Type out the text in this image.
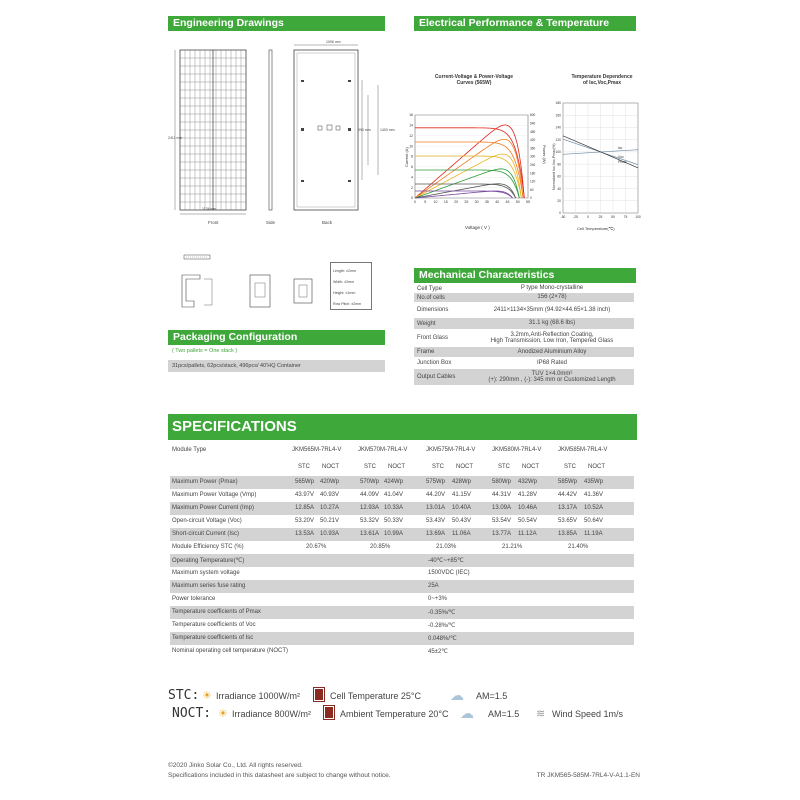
Engineering Drawings	Electrical Performance & Temperature Dependence
1134 mm
2411 mm
1096 mm
1400 mm
990 mm
Front	Side	Back
Length: ±2mm
Width: ±2mm
Height: ±1mm
Row Pitch: ±2mm
Packaging Configuration
( Two pallets = One stack )
31pcs/pallets, 62pcs/stack, 496pcs/ 40'HQ Container
Current-Voltage & Power-Voltage
Curves (565W)
0
2
4
6
8
10
12
14
16
0
60
120
180
240
300
360
420
480
540
600
0 5 10 15 20 25 30 35 40 45 50 55
Current (A)	Power (W)
Voltage ( V )
Temperature Dependence
of Isc,Voc,Pmax
Isc
Voc
Pmax
0
20
40
60
80
100
120
140
160
180
-50 -25	0	25	50	75 100
Normalized Isc,Voc,Pmax(%)
Cell Temperature(℃)
Mechanical Characteristics
Cell Type	P type Mono-crystalline
No.of cells	156 (2×78)
Dimensions	2411×1134×35mm (94.92×44.65×1.38 inch)
Weight	31.1 kg (68.6 lbs)
Front Glass
3.2mm,Anti-Reflection Coating,
High Transmission, Low Iron, Tempered Glass
Frame	Anodized Aluminium Alloy
Junction Box	IP68 Rated
Output Cables
TUV 1×4.0mm²
(+): 290mm , (-): 345 mm or Customized Length
SPECIFICATIONS
Module Type	JKM565M-7RL4-V	JKM570M-7RL4-V	JKM575M-7RL4-V	JKM580M-7RL4-V	JKM585M-7RL4-V
STC NOCT	STC NOCT	STC NOCT	STC NOCT	STC NOCT
Maximum Power (Pmax)	565Wp 420Wp	570Wp 424Wp	575Wp 428Wp	580Wp 432Wp	585Wp 435Wp
Maximum Power Voltage (Vmp)	43.97V 40.93V	44.09V 41.04V	44.20V 41.15V	44.31V 41.28V	44.42V 41.36V
Maximum Power Current (Imp)	12.85A 10.27A	12.93A 10.33A	13.01A 10.40A	13.09A 10.46A	13.17A 10.52A
Open-circuit Voltage (Voc)	53.20V 50.21V	53.32V 50.33V	53.43V 50.43V	53.54V 50.54V	53.65V 50.64V
Short-circuit Current (Isc)	13.53A 10.93A	13.61A 10.99A	13.69A 11.06A	13.77A 11.12A	13.85A 11.19A
Module Efficiency STC (%)	20.67%	20.85%	21.03%	21.21%	21.40%
Operating Temperature(℃)	-40℃~+85℃
Maximum system voltage	1500VDC (IEC)
Maximum series fuse rating	25A
Power tolerance	0~+3%
Temperature coefficients of Pmax	-0.35%/℃
Temperature coefficients of Voc	-0.28%/℃
Temperature coefficients of Isc	0.048%/℃
Nominal operating cell temperature (NOCT)	45±2℃
STC: ☀ Irradiance 1000W/m²	Cell Temperature 25°C ☁ AM=1.5
NOCT: ☀ Irradiance 800W/m²	Ambient Temperature 20°C ☁ AM=1.5 ≋ Wind Speed 1m/s
©2020 Jinko Solar Co., Ltd. All rights reserved.
Specifications included in this datasheet are subject to change without notice.	TR JKM565-585M-7RL4-V-A1.1-EN
